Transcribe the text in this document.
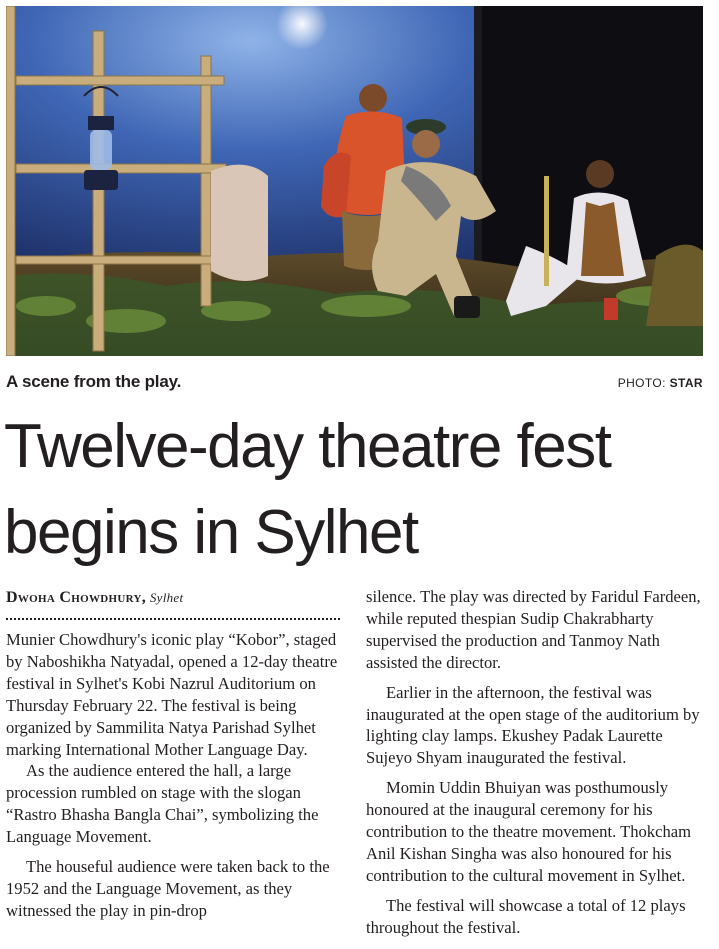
A scene from the play.	PHOTO: STAR
Twelve-day theatre fest
begins in Sylhet
Dwoha Chowdhury, Sylhet

Munier Chowdhury's iconic play “Kobor”, staged by Naboshikha Natyadal, opened a 12-day theatre festival in Sylhet's Kobi Nazrul Auditorium on Thursday February 22. The festival is being organized by Sammilita Natya Parishad Sylhet marking International Mother Language Day.

As the audience entered the hall, a large procession rumbled on stage with the slogan “Rastro Bhasha Bangla Chai”, symbolizing the Language Movement.

The houseful audience were taken back to the 1952 and the Language Movement, as they witnessed the play in pin-drop

silence. The play was directed by Faridul Fardeen, while reputed thespian Sudip Chakrabharty supervised the production and Tanmoy Nath assisted the director.

Earlier in the afternoon, the festival was inaugurated at the open stage of the auditorium by lighting clay lamps. Ekushey Padak Laurette Sujeyo Shyam inaugurated the festival.

Momin Uddin Bhuiyan was posthumously honoured at the inaugural ceremony for his contribution to the theatre movement. Thokcham Anil Kishan Singha was also honoured for his contribution to the cultural movement in Sylhet.

The festival will showcase a total of 12 plays throughout the festival.
